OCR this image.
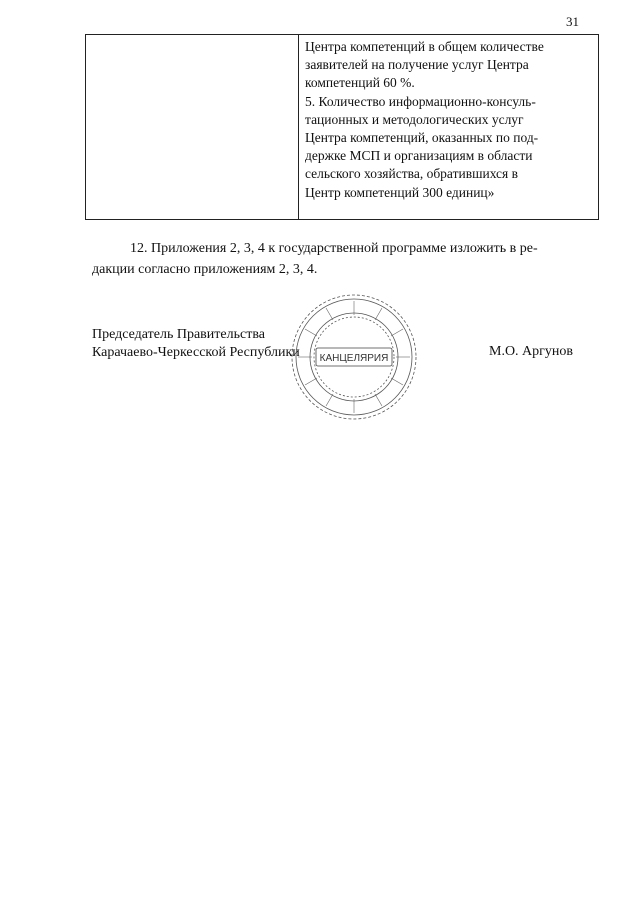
31
Центра компетенций в общем количестве
заявителей на получение услуг Центра
компетенций 60 %.
5. Количество информационно-консуль-
тационных и методологических услуг
Центра компетенций, оказанных по под-
держке МСП и организациям в области
сельского хозяйства, обратившихся в
Центр компетенций 300 единиц»
12. Приложения 2, 3, 4 к государственной программе изложить в ре-
дакции согласно приложениям 2, 3, 4.
КАНЦЕЛЯРИЯ
Председатель Правительства
Карачаево-Черкесской Республики	М.О. Аргунов
